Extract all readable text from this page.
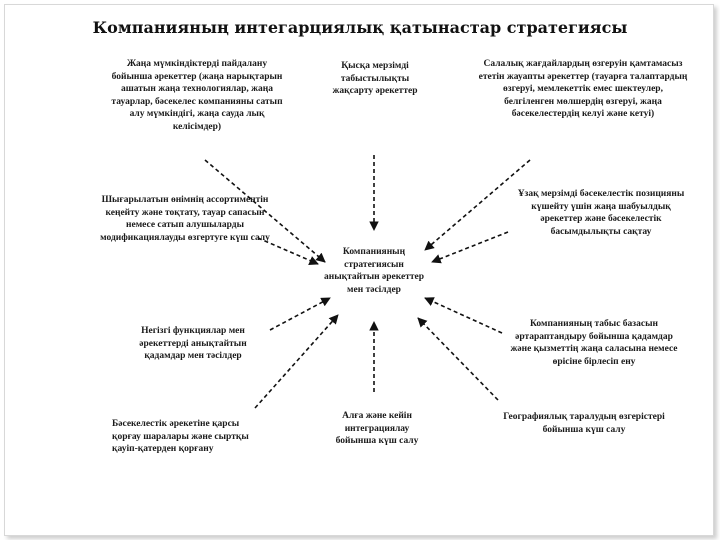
Компанияның интегарциялық қатынастар стратегиясы
Компанияның стратегиясын анықтайтын әрекеттер мен тәсілдер
Жаңа мүмкіндіктерді пайдалану бойынша әрекеттер (жаңа нарықтарын ашатын жаңа технологиялар, жаңа тауарлар, бәсекелес компанияны сатып алу мүмкіндігі, жаңа сауда лық келісімдер)
Қысқа мерзімді табыстылықты жақсарту әрекеттер
Салалық жағдайлардың өзгеруін қамтамасыз ететін жауапты әрекеттер (тауарға талаптардың өзгеруі, мемлекеттік емес шектеулер, белгіленген мөлшердің өзгеруі, жаңа бәсекелестердің келуі және кетуі)
Шығарылатын өнімнің ассортиментін кеңейту және тоқтату, тауар сапасын немесе сатып алушыларды модификациялауды өзгертуге күш салу
Ұзақ мерзімді бәсекелестік позицияны күшейту үшін жаңа шабуылдық әрекеттер және бәсекелестік басымдылықты сақтау
Негізгі функциялар мен әрекеттерді анықтайтын қадамдар мен тәсілдер
Компанияның табыс базасын әртараптандыру бойынша қадамдар және қызметтің жаңа саласына немесе өрісіне бірлесіп ену
Бәсекелестік әрекетіне қарсы қорғау шаралары және сыртқы қауіп-қатерден қорғану
Алға және кейін интеграциялау бойынша күш салу
Географиялық таралудың өзгерістері бойынша күш салу
